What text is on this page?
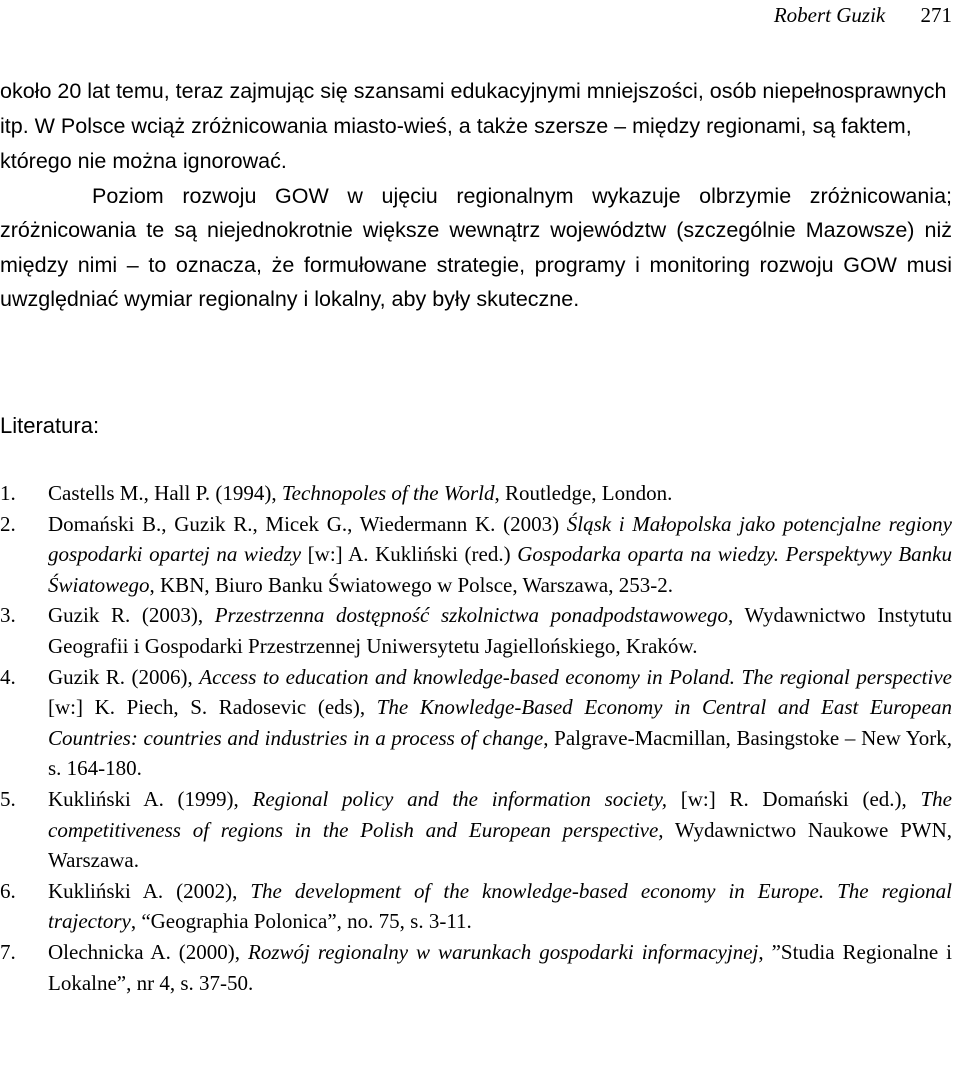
Robert Guzik 271

około 20 lat temu, teraz zajmując się szansami edukacyjnymi mniejszości, osób niepełnosprawnych itp. W Polsce wciąż zróżnicowania miasto-wieś, a także szersze – między regionami, są faktem, którego nie można ignorować.

Poziom rozwoju GOW w ujęciu regionalnym wykazuje olbrzymie zróżnicowania; zróżnicowania te są niejednokrotnie większe wewnątrz województw (szczególnie Mazowsze) niż między nimi – to oznacza, że formułowane strategie, programy i monitoring rozwoju GOW musi uwzględniać wymiar regionalny i lokalny, aby były skuteczne.

Literatura:
1.	Castells M., Hall P. (1994), Technopoles of the World, Routledge, London.
2.	Domański B., Guzik R., Micek G., Wiedermann K. (2003) Śląsk i Małopolska jako potencjalne regiony gospodarki opartej na wiedzy [w:] A. Kukliński (red.) Gospodarka oparta na wiedzy. Perspektywy Banku Światowego, KBN, Biuro Banku Światowego w Polsce, Warszawa, 253-2.
3.	Guzik R. (2003), Przestrzenna dostępność szkolnictwa ponadpodstawowego, Wydawnictwo Instytutu Geografii i Gospodarki Przestrzennej Uniwersytetu Jagiellońskiego, Kraków.
4.	Guzik R. (2006), Access to education and knowledge-based economy in Poland. The regional perspective [w:] K. Piech, S. Radosevic (eds), The Knowledge-Based Economy in Central and East European Countries: countries and industries in a process of change, Palgrave-Macmillan, Basingstoke – New York, s. 164-180.
5.	Kukliński A. (1999), Regional policy and the information society, [w:] R. Domański (ed.), The competitiveness of regions in the Polish and European perspective, Wydawnictwo Naukowe PWN, Warszawa.
6.	Kukliński A. (2002), The development of the knowledge-based economy in Europe. The regional trajectory, “Geographia Polonica”, no. 75, s. 3-11.
7.	Olechnicka A. (2000), Rozwój regionalny w warunkach gospodarki informacyjnej, ”Studia Regionalne i Lokalne”, nr 4, s. 37-50.
